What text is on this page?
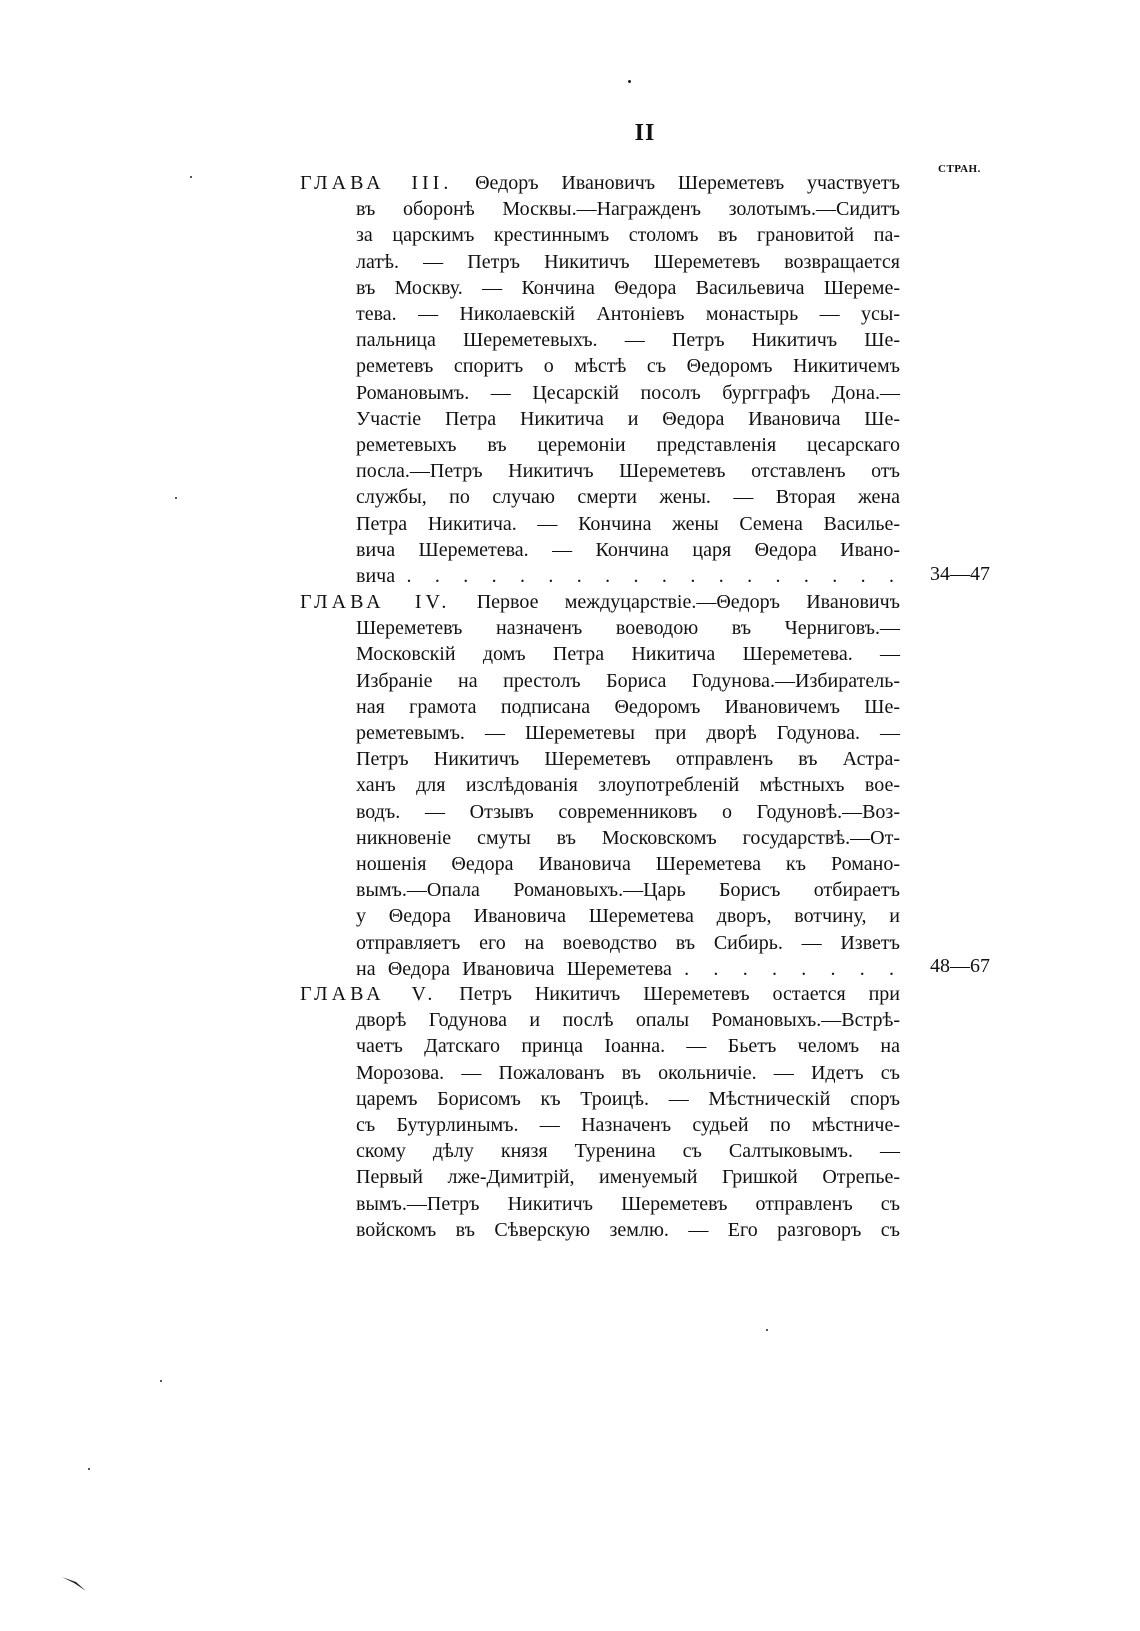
II
СТРАН.
ГЛАВА III. Θедоръ Ивановичъ Шереметевъ участвуетъ
въ оборонѣ Москвы.—Награжденъ золотымъ.—Сидитъ
за царскимъ крестиннымъ столомъ въ грановитой па-
латѣ. — Петръ Никитичъ Шереметевъ возвращается
въ Москву. — Кончина Θедора Васильевича Шереме-
тева. — Николаевскій Антоніевъ монастырь — усы-
пальница Шереметевыхъ. — Петръ Никитичъ Ше-
реметевъ споритъ о мѣстѣ съ Θедоромъ Никитичемъ
Романовымъ. — Цесарскій посолъ бургграфъ Дона.—
Участіе Петра Никитича и Θедора Ивановича Ше-
реметевыхъ въ церемоніи представленія цесарскаго
посла.—Петръ Никитичъ Шереметевъ отставленъ отъ
службы, по случаю смерти жены. — Вторая жена
Петра Никитича. — Кончина жены Семена Василье-
вича Шереметева. — Кончина царя Θедора Ивано-
вича . . . . . . . . . . . . . . . . . . 34—47
ГЛАВА IV. Первое междуцарствіе.—Θедоръ Ивановичъ
Шереметевъ назначенъ воеводою въ Черниговъ.—
Московскій домъ Петра Никитича Шереметева. —
Избраніе на престолъ Бориса Годунова.—Избиратель-
ная грамота подписана Θедоромъ Ивановичемъ Ше-
реметевымъ. — Шереметевы при дворѣ Годунова. —
Петръ Никитичъ Шереметевъ отправленъ въ Астра-
ханъ для изслѣдованія злоупотребленій мѣстныхъ вое-
водъ. — Отзывъ современниковъ о Годуновѣ.—Воз-
никновеніе смуты въ Московскомъ государствѣ.—От-
ношенія Θедора Ивановича Шереметева къ Романо-
вымъ.—Опала Романовыхъ.—Царь Борисъ отбираетъ
у Θедора Ивановича Шереметева дворъ, вотчину, и
отправляетъ его на воеводство въ Сибирь. — Изветъ
на Θедора Ивановича Шереметева . . . . . . . . 48—67
ГЛАВА V. Петръ Никитичъ Шереметевъ остается при
дворѣ Годунова и послѣ опалы Романовыхъ.—Встрѣ-
чаетъ Датскаго принца Іоанна. — Бьетъ челомъ на
Морозова. — Пожалованъ въ окольничіе. — Идетъ съ
царемъ Борисомъ къ Троицѣ. — Мѣстническій споръ
съ Бутурлинымъ. — Назначенъ судьей по мѣстниче-
скому дѣлу князя Туренина съ Салтыковымъ. —
Первый лже-Димитрій, именуемый Гришкой Отрепье-
вымъ.—Петръ Никитичъ Шереметевъ отправленъ съ
войскомъ въ Сѣверскую землю. — Его разговоръ съ
